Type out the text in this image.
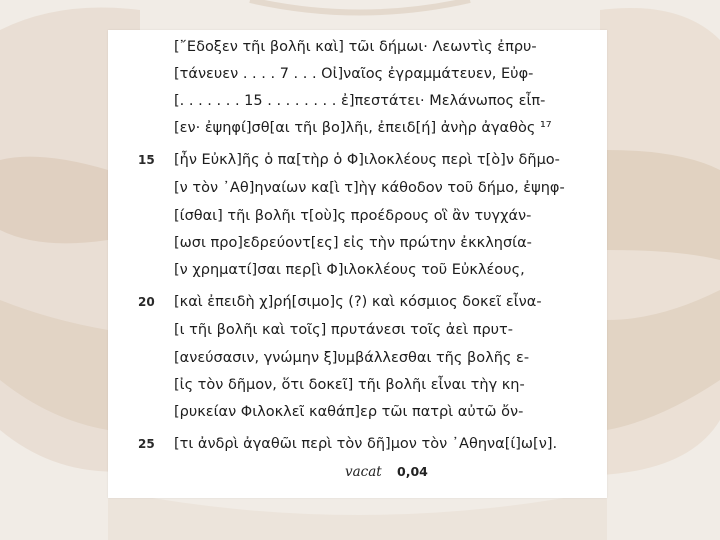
[῎Εδοξεν τῆι βολῆι καὶ] τῶι δήμωι· Λεωντὶς ἐπρυ-
[τάνευεν . . . . 7 . . . Οἰ]ναῖος ἐγραμμάτευεν, Εὐφ-
[. . . . . . . 15 . . . . . . . . ἐ]πεστάτει· Μελάνωπος εἶπ-
[εν· ἐψηφί]σθ[αι τῆι βο]λῆι, ἐπειδ[ή] ἀνὴρ ἀγαθὸς ¹⁷
15	[ἦν Εὐκλ]ῆς ὁ πα[τὴρ ὁ Φ]ιλοκλέους περὶ τ[ὸ]ν δῆμο-
[ν τὸν ᾿Αθ]ηναίων κα[ὶ τ]ὴγ κάθοδον τοῦ δήμο, ἐψηφ-
[ίσθαι] τῆι βολῆι τ[οὺ]ς προέδρους οἳ ἂν τυγχάν-
[ωσι προ]εδρεύοντ[ες] εἰς τὴν πρώτην ἐκκλησία-
[ν χρηματί]σαι περ[ὶ Φ]ιλοκλέους τοῦ Εὐκλέους,
20	[καὶ ἐπειδὴ χ]ρή[σιμο]ς (?) καὶ κόσμιος δοκεῖ εἶνα-
[ι τῆι βολῆι καὶ τοῖς] πρυτάνεσι τοῖς ἀεὶ πρυτ-
[ανεύσασιν, γνώμην ξ]υμβάλλεσθαι τῆς βολῆς ε-
[ἰς τὸν δῆμον, ὅτι δοκεῖ] τῆι βολῆι εἶναι τὴγ κη-
[ρυκείαν Φιλοκλεῖ καθάπ]ερ τῶι πατρὶ αὐτῶ ὄν-
25	[τι ἀνδρὶ ἀγαθῶι περὶ τὸν δῆ]μον τὸν ᾿Αθηνα[ί]ω[ν].
vacat 0,04
